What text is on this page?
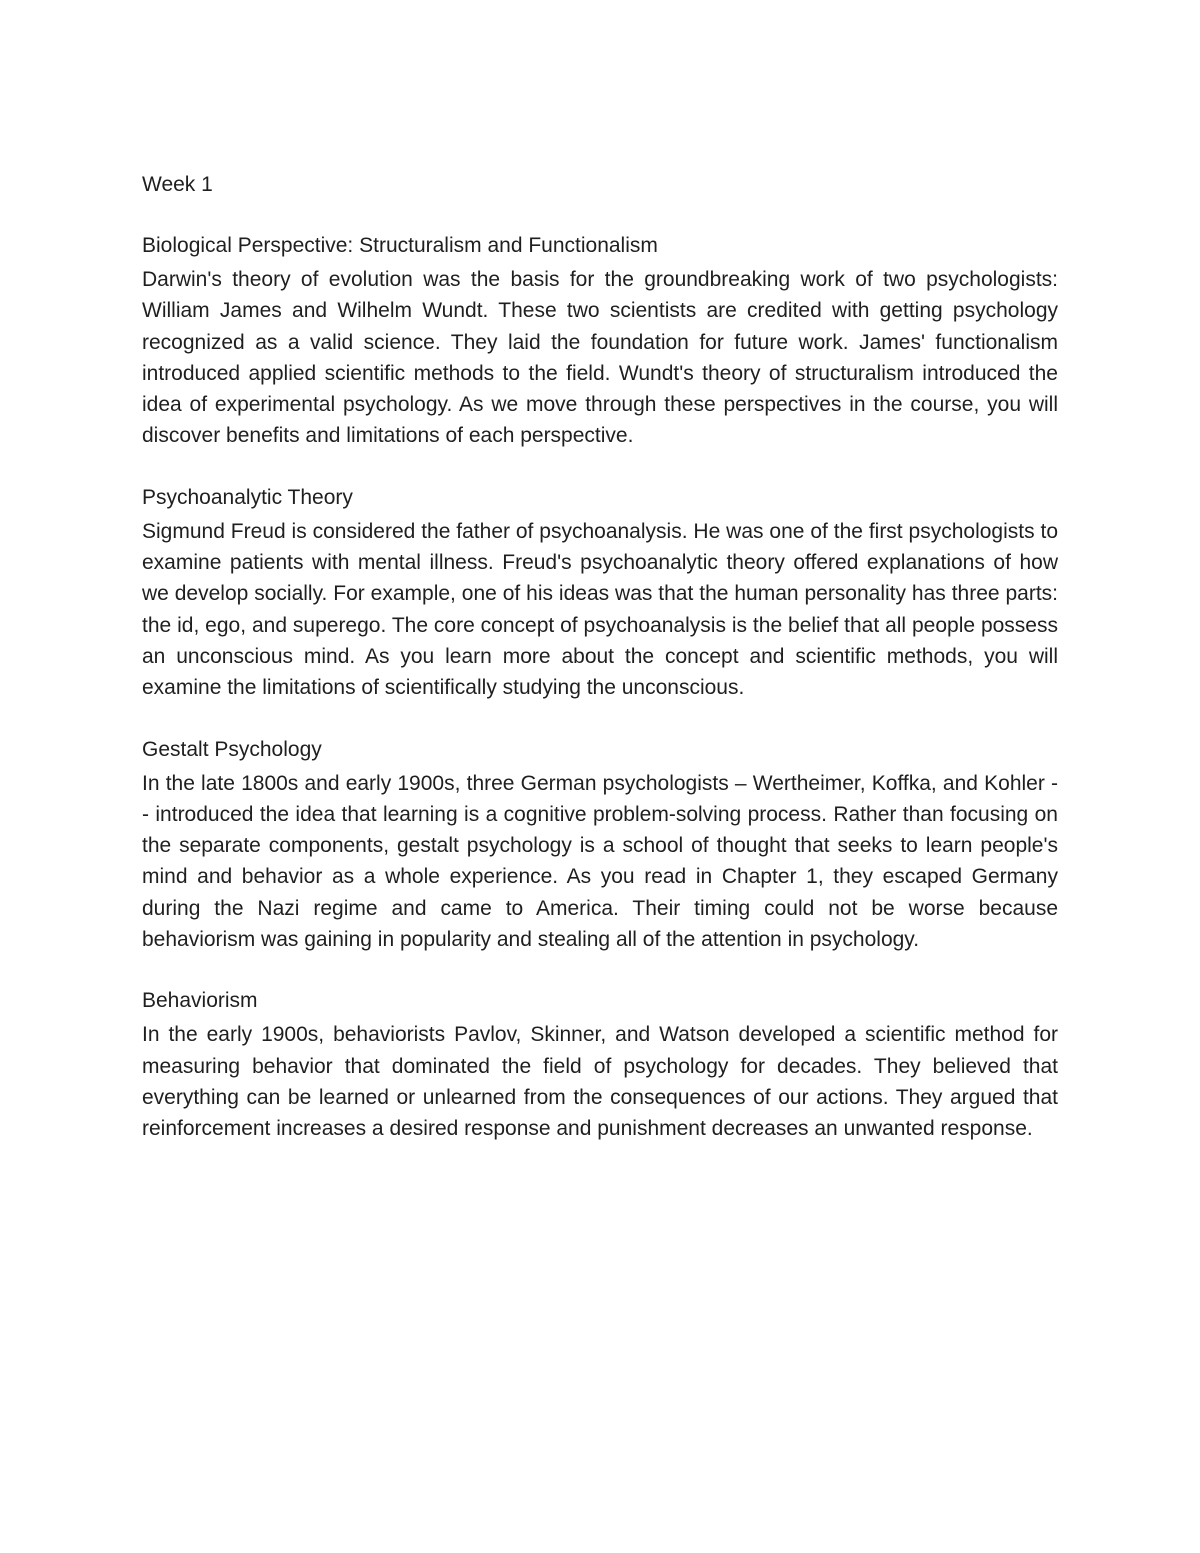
Week 1

Biological Perspective: Structuralism and Functionalism

Darwin's theory of evolution was the basis for the groundbreaking work of two psychologists: William James and Wilhelm Wundt. These two scientists are credited with getting psychology recognized as a valid science. They laid the foundation for future work. James' functionalism introduced applied scientific methods to the field. Wundt's theory of structuralism introduced the idea of experimental psychology. As we move through these perspectives in the course, you will discover benefits and limitations of each perspective.

Psychoanalytic Theory

Sigmund Freud is considered the father of psychoanalysis. He was one of the first psychologists to examine patients with mental illness. Freud's psychoanalytic theory offered explanations of how we develop socially. For example, one of his ideas was that the human personality has three parts: the id, ego, and superego. The core concept of psychoanalysis is the belief that all people possess an unconscious mind. As you learn more about the concept and scientific methods, you will examine the limitations of scientifically studying the unconscious.

Gestalt Psychology

In the late 1800s and early 1900s, three German psychologists – Wertheimer, Koffka, and Kohler -- introduced the idea that learning is a cognitive problem-solving process. Rather than focusing on the separate components, gestalt psychology is a school of thought that seeks to learn people's mind and behavior as a whole experience. As you read in Chapter 1, they escaped Germany during the Nazi regime and came to America. Their timing could not be worse because behaviorism was gaining in popularity and stealing all of the attention in psychology.

Behaviorism

In the early 1900s, behaviorists Pavlov, Skinner, and Watson developed a scientific method for measuring behavior that dominated the field of psychology for decades. They believed that everything can be learned or unlearned from the consequences of our actions. They argued that reinforcement increases a desired response and punishment decreases an unwanted response.
